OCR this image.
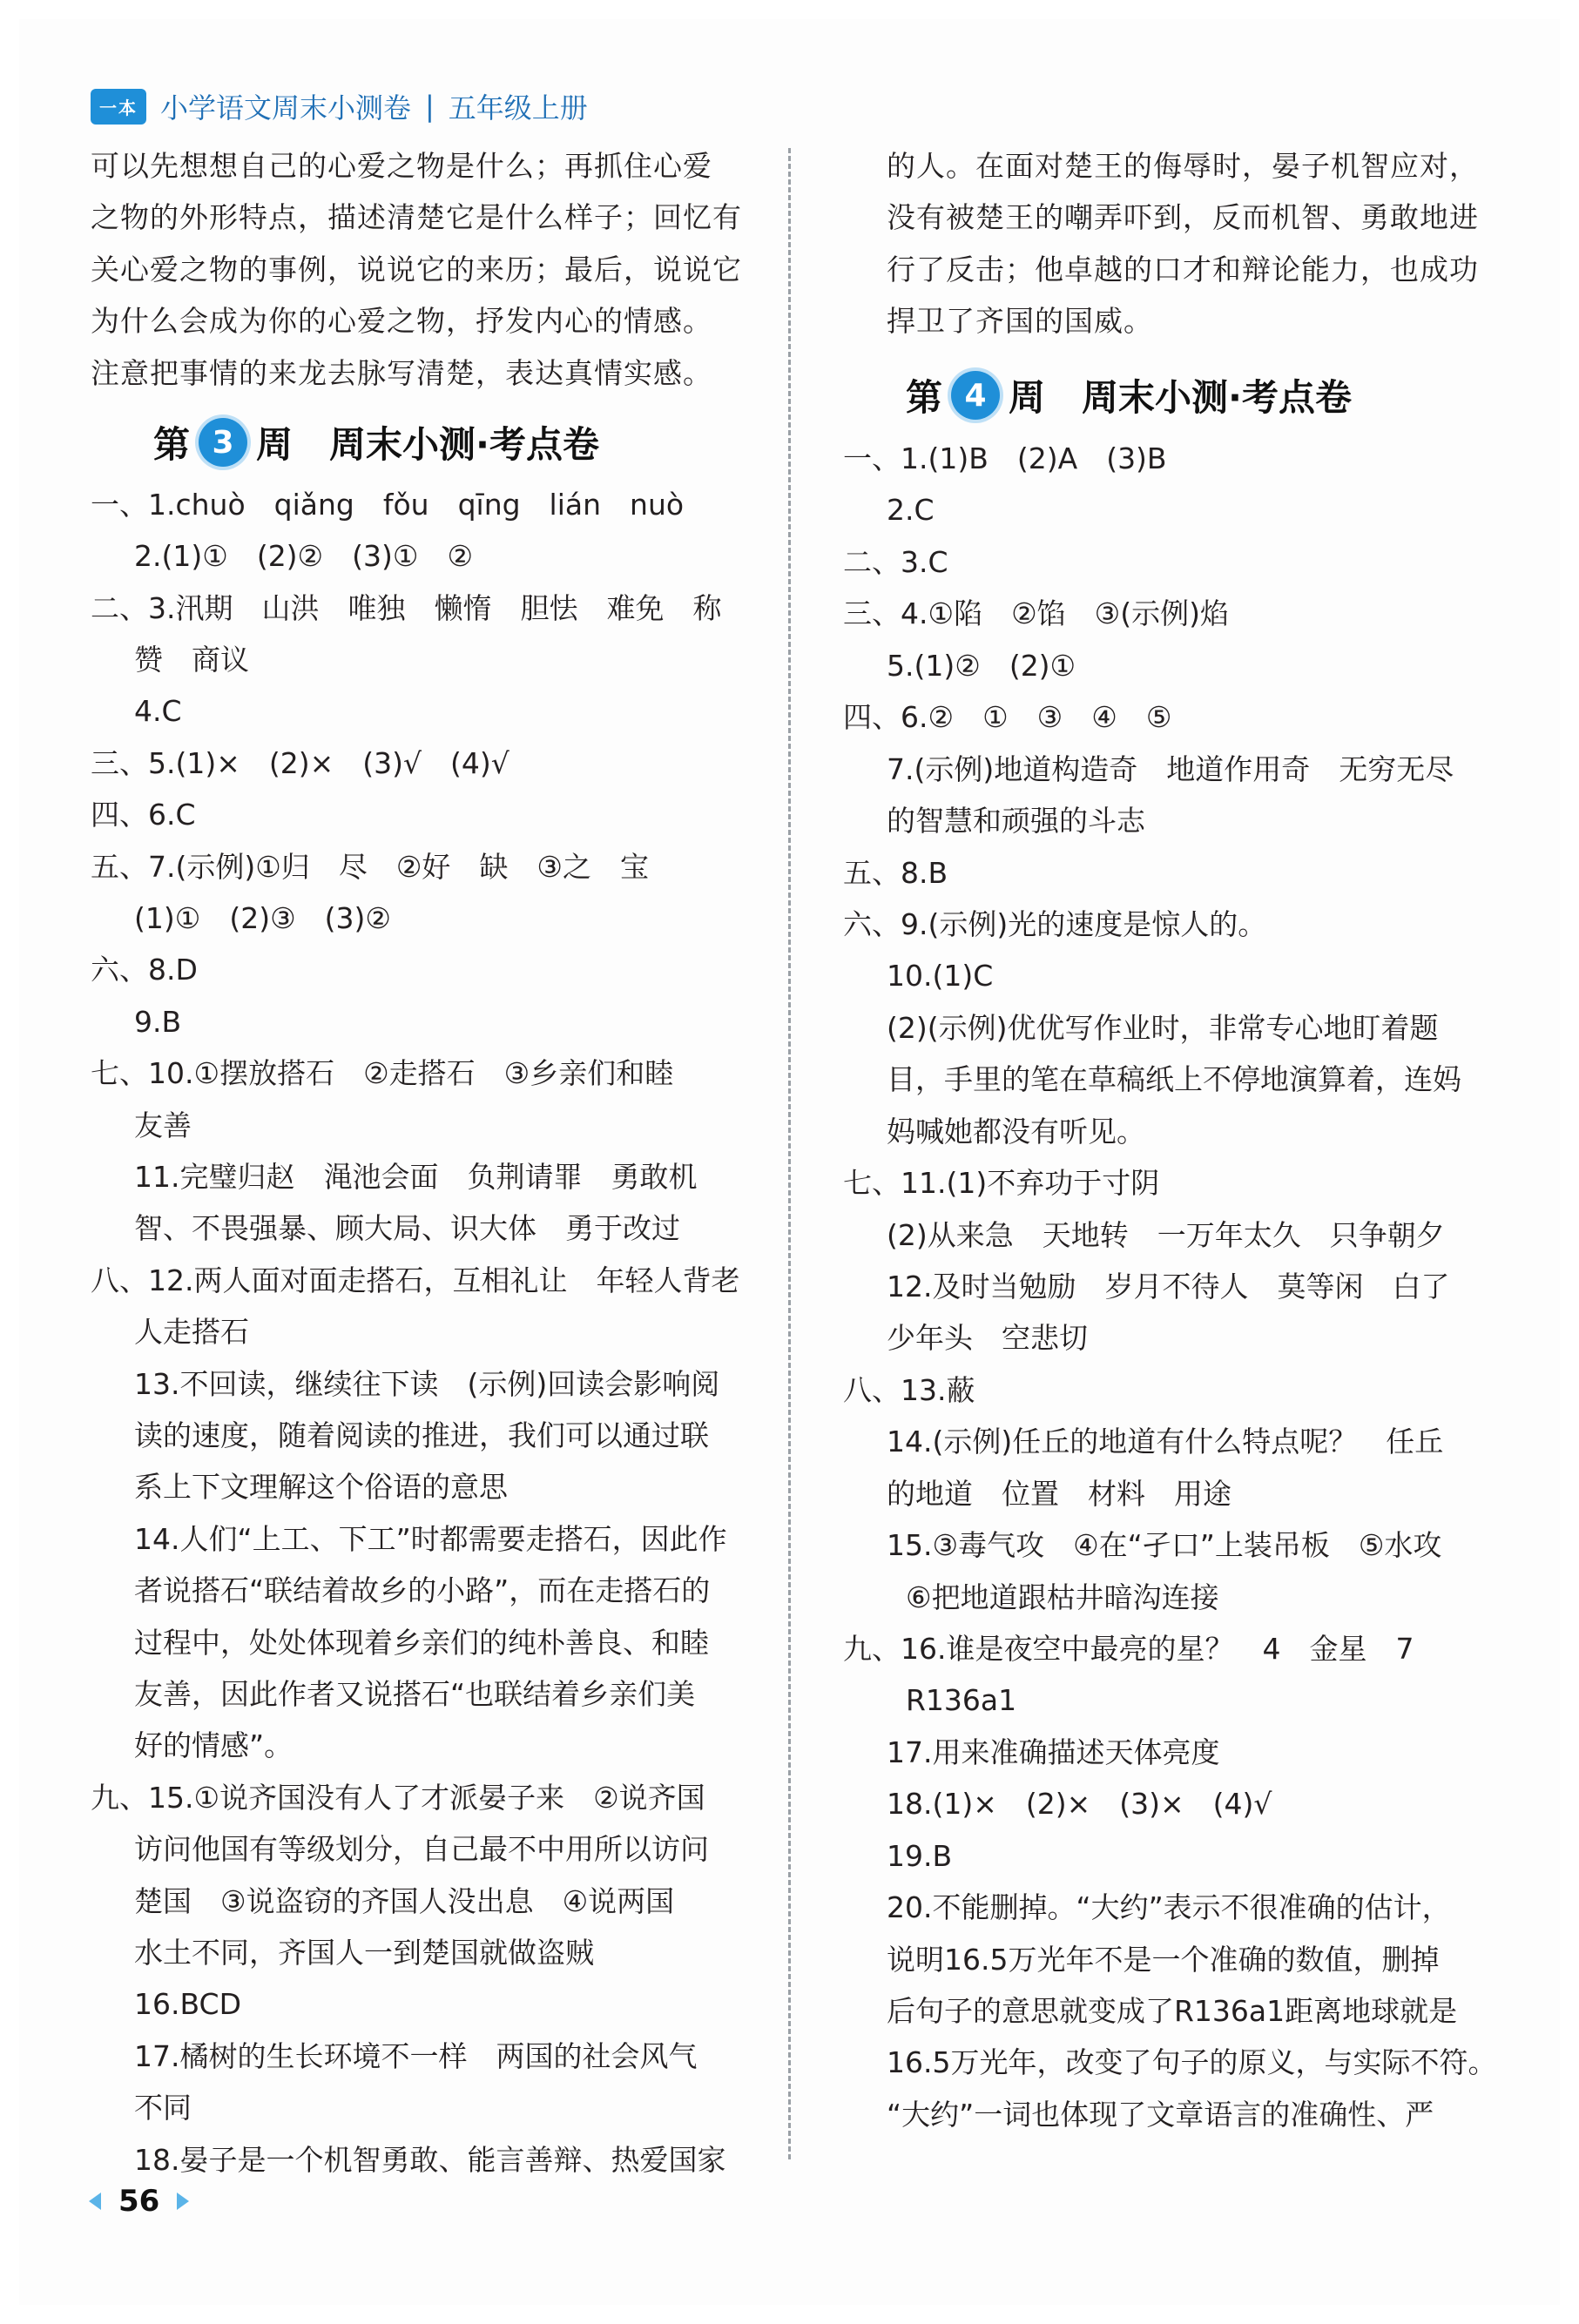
一本 小学语文周末小测卷 | 五年级上册
可以先想想自己的心爱之物是什么；再抓住心爱
之物的外形特点，描述清楚它是什么样子；回忆有
关心爱之物的事例，说说它的来历；最后，说说它
为什么会成为你的心爱之物，抒发内心的情感。
注意把事情的来龙去脉写清楚，表达真情实感。
第 3 周 周末小测·考点卷
一、1.chuò　qiǎng　fǒu　qīng　lián　nuò
2.(1)①　(2)②　(3)①　②
二、3.汛期　山洪　唯独　懒惰　胆怯　难免　称
赞　商议
4.C
三、5.(1)×　(2)×　(3)√　(4)√
四、6.C
五、7.(示例)①归　尽　②好　缺　③之　宝
(1)①　(2)③　(3)②
六、8.D
9.B
七、10.①摆放搭石　②走搭石　③乡亲们和睦
友善
11.完璧归赵　渑池会面　负荆请罪　勇敢机
智、不畏强暴、顾大局、识大体　勇于改过
八、12.两人面对面走搭石，互相礼让　年轻人背老
人走搭石
13.不回读，继续往下读　(示例)回读会影响阅
读的速度，随着阅读的推进，我们可以通过联
系上下文理解这个俗语的意思
14.人们“上工、下工”时都需要走搭石，因此作
者说搭石“联结着故乡的小路”，而在走搭石的
过程中，处处体现着乡亲们的纯朴善良、和睦
友善，因此作者又说搭石“也联结着乡亲们美
好的情感”。
九、15.①说齐国没有人了才派晏子来　②说齐国
访问他国有等级划分，自己最不中用所以访问
楚国　③说盗窃的齐国人没出息　④说两国
水土不同，齐国人一到楚国就做盗贼
16.BCD
17.橘树的生长环境不一样　两国的社会风气
不同
18.晏子是一个机智勇敢、能言善辩、热爱国家
的人。在面对楚王的侮辱时，晏子机智应对，
没有被楚王的嘲弄吓到，反而机智、勇敢地进
行了反击；他卓越的口才和辩论能力，也成功
捍卫了齐国的国威。
第 4 周 周末小测·考点卷
一、1.(1)B　(2)A　(3)B
2.C
二、3.C
三、4.①陷　②馅　③(示例)焰
5.(1)②　(2)①
四、6.②　①　③　④　⑤
7.(示例)地道构造奇　地道作用奇　无穷无尽
的智慧和顽强的斗志
五、8.B
六、9.(示例)光的速度是惊人的。
10.(1)C
(2)(示例)优优写作业时，非常专心地盯着题
目，手里的笔在草稿纸上不停地演算着，连妈
妈喊她都没有听见。
七、11.(1)不弃功于寸阴
(2)从来急　天地转　一万年太久　只争朝夕
12.及时当勉励　岁月不待人　莫等闲　白了
少年头　空悲切
八、13.蔽
14.(示例)任丘的地道有什么特点呢？　任丘
的地道　位置　材料　用途
15.③毒气攻　④在“孑口”上装吊板　⑤水攻
⑥把地道跟枯井暗沟连接
九、16.谁是夜空中最亮的星？　4　金星　7
R136a1
17.用来准确描述天体亮度
18.(1)×　(2)×　(3)×　(4)√
19.B
20.不能删掉。“大约”表示不很准确的估计，
说明16.5万光年不是一个准确的数值，删掉
后句子的意思就变成了R136a1距离地球就是
16.5万光年，改变了句子的原义，与实际不符。
“大约”一词也体现了文章语言的准确性、严
56
